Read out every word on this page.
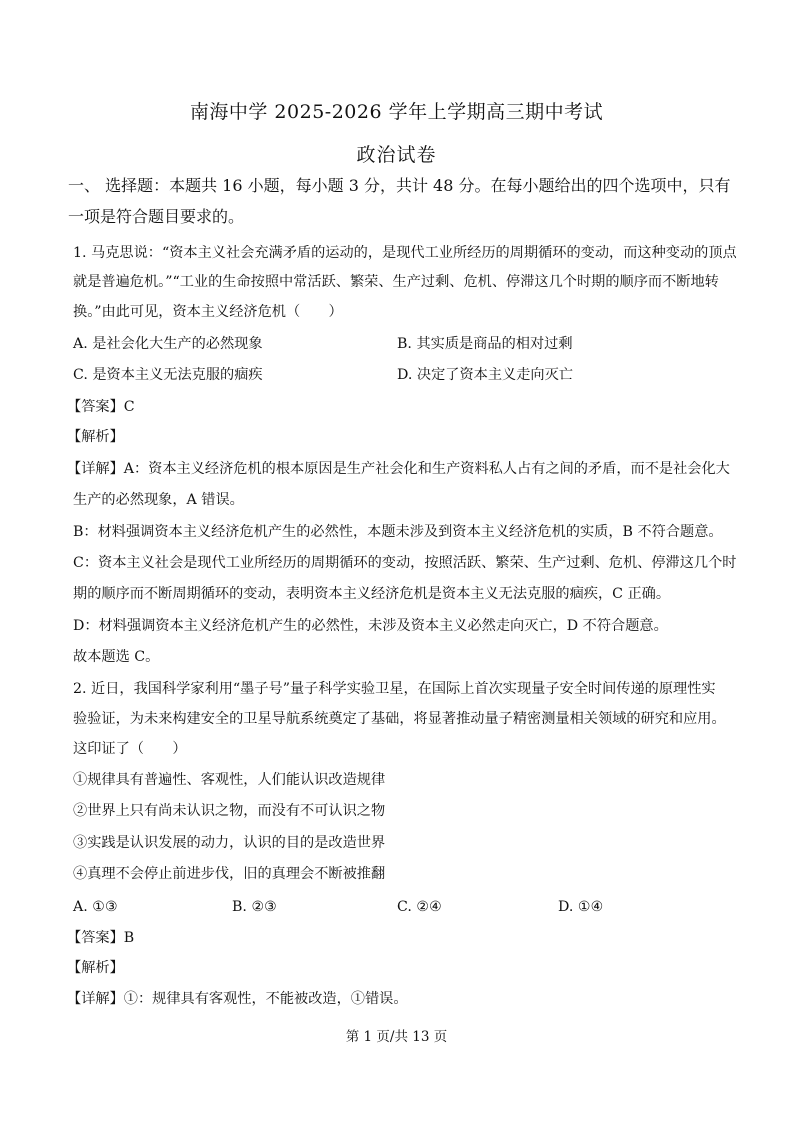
南海中学 2025-2026 学年上学期高三期中考试
政治试卷
一、 选择题：本题共 16 小题，每小题 3 分，共计 48 分。在每小题给出的四个选项中，只有
一项是符合题目要求的。
1. 马克思说：“资本主义社会充满矛盾的运动的，是现代工业所经历的周期循环的变动，而这种变动的顶点
就是普遍危机。”“工业的生命按照中常活跃、繁荣、生产过剩、危机、停滞这几个时期的顺序而不断地转
换。”由此可见，资本主义经济危机（　　）
A. 是社会化大生产的必然现象	B. 其实质是商品的相对过剩
C. 是资本主义无法克服的痼疾	D. 决定了资本主义走向灭亡
【答案】C
【解析】
【详解】A：资本主义经济危机的根本原因是生产社会化和生产资料私人占有之间的矛盾，而不是社会化大
生产的必然现象，A 错误。
B：材料强调资本主义经济危机产生的必然性，本题未涉及到资本主义经济危机的实质，B 不符合题意。
C：资本主义社会是现代工业所经历的周期循环的变动，按照活跃、繁荣、生产过剩、危机、停滞这几个时
期的顺序而不断周期循环的变动，表明资本主义经济危机是资本主义无法克服的痼疾，C 正确。
D：材料强调资本主义经济危机产生的必然性，未涉及资本主义必然走向灭亡，D 不符合题意。
故本题选 C。
2. 近日，我国科学家利用“墨子号”量子科学实验卫星，在国际上首次实现量子安全时间传递的原理性实
验验证，为未来构建安全的卫星导航系统奠定了基础，将显著推动量子精密测量相关领域的研究和应用。
这印证了（　　）
①规律具有普遍性、客观性，人们能认识改造规律
②世界上只有尚未认识之物，而没有不可认识之物
③实践是认识发展的动力，认识的目的是改造世界
④真理不会停止前进步伐，旧的真理会不断被推翻
A. ①③	B. ②③	C. ②④	D. ①④
【答案】B
【解析】
【详解】①：规律具有客观性，不能被改造，①错误。
第 1 页/共 13 页
